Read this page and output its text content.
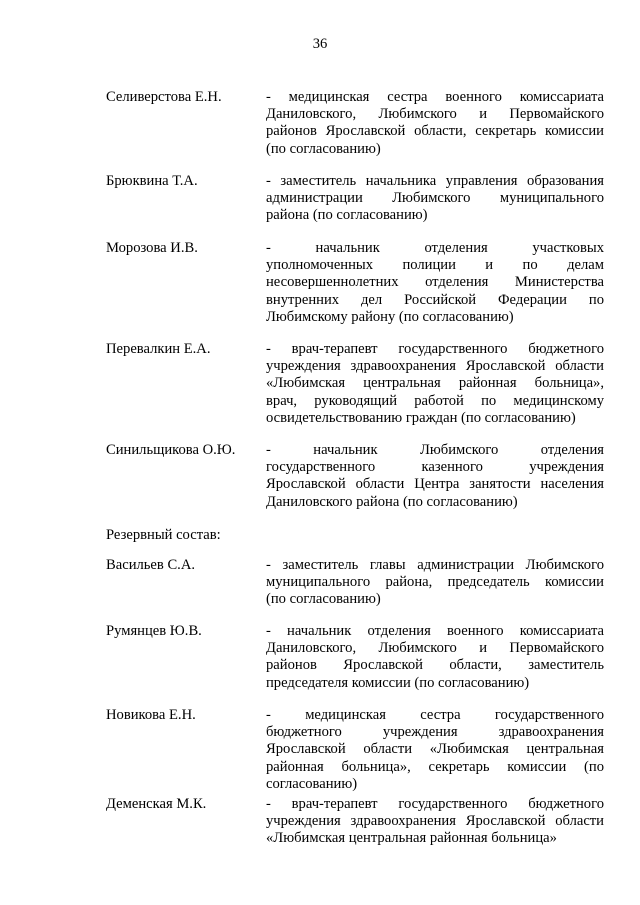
36
Селиверстова Е.Н.	- медицинская сестра военного комиссариата
Даниловского, Любимского и Первомайского
районов Ярославской области, секретарь комиссии
(по согласованию)
Брюквина Т.А.	- заместитель начальника управления образования
администрации Любимского муниципального
района (по согласованию)
Морозова И.В.	- начальник отделения участковых
уполномоченных полиции и по делам
несовершеннолетних отделения Министерства
внутренних дел Российской Федерации по
Любимскому району (по согласованию)
Перевалкин Е.А.	- врач-терапевт государственного бюджетного
учреждения здравоохранения Ярославской области
«Любимская центральная районная больница»,
врач, руководящий работой по медицинскому
освидетельствованию граждан (по согласованию)
Синильщикова О.Ю.	- начальник Любимского отделения
государственного казенного учреждения
Ярославской области Центра занятости населения
Даниловского района (по согласованию)
Резервный состав:
Васильев С.А.	- заместитель главы администрации Любимского
муниципального района, председатель комиссии
(по согласованию)
Румянцев Ю.В.	- начальник отделения военного комиссариата
Даниловского, Любимского и Первомайского
районов Ярославской области, заместитель
председателя комиссии (по согласованию)
Новикова Е.Н.	- медицинская сестра государственного
бюджетного учреждения здравоохранения
Ярославской области «Любимская центральная
районная больница», секретарь комиссии (по
согласованию)
Деменская М.К.	- врач-терапевт государственного бюджетного
учреждения здравоохранения Ярославской области
«Любимская центральная районная больница»
